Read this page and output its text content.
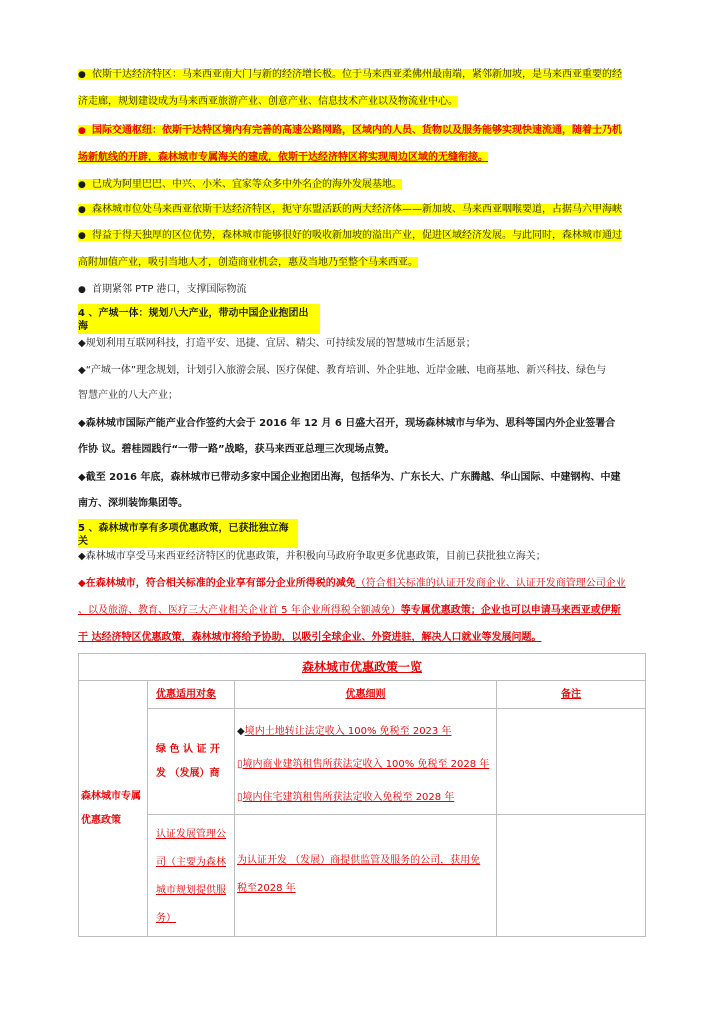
● 依斯干达经济特区：马来西亚南大门与新的经济增长极。位于马来西亚柔佛州最南端，紧邻新加坡，是马来西亚重要的经
济走廊，规划建设成为马来西亚旅游产业、创意产业、信息技术产业以及物流业中心。
● 国际交通枢纽：依斯干达特区境内有完善的高速公路网路，区域内的人员、货物以及服务能够实现快速流通，随着士乃机
场新航线的开辟，森林城市专属海关的建成，依斯干达经济特区将实现周边区域的无缝衔接。
● 已成为阿里巴巴、中兴、小米、宜家等众多中外名企的海外发展基地。
● 森林城市位处马来西亚依斯干达经济特区，扼守东盟活跃的两大经济体——新加坡、马来西亚咽喉要道，占据马六甲海峡
● 得益于得天独厚的区位优势，森林城市能够很好的吸收新加坡的溢出产业，促进区域经济发展。与此同时，森林城市通过
高附加值产业，吸引当地人才，创造商业机会，惠及当地乃至整个马来西亚。
● 首期紧邻 PTP 港口，支撑国际物流
4 、产城一体：规划八大产业，带动中国企业抱团出
海
◆规划利用互联网科技，打造平安、迅捷、宜居、精尖、可持续发展的智慧城市生活愿景；
◆“产城一体”理念规划，计划引入旅游会展、医疗保健、教育培训、外企驻地、近岸金融、电商基地、新兴科技、绿色与
智慧产业的八大产业；
◆森林城市国际产能产业合作签约大会于 2016 年 12 月 6 日盛大召开，现场森林城市与华为、思科等国内外企业签署合
作协 议。碧桂园践行“一带一路”战略，获马来西亚总理三次现场点赞。
◆截至 2016 年底，森林城市已带动多家中国企业抱团出海，包括华为、广东长大、广东腾越、华山国际、中建钢构、中建
南方、深圳装饰集团等。
5 、森林城市享有多项优惠政策，已获批独立海
关
◆森林城市享受马来西亚经济特区的优惠政策，并积极向马政府争取更多优惠政策，目前已获批独立海关；
◆在森林城市，符合相关标准的企业享有部分企业所得税的减免（符合相关标准的认证开发商企业、认证开发商管理公司企业
、以及旅游、教育、医疗三大产业相关企业首 5 年企业所得税全额减免）等专属优惠政策；企业也可以申请马来西亚或伊斯
干 达经济特区优惠政策，森林城市将给予协助，以吸引全球企业、外资进驻，解决人口就业等发展问题。
森林城市优惠政策一览			

森林城市专属优惠政策	优惠适用对象	优惠细则	备注

	绿 色 认 证 开 发 （发展）商	◆境内土地转让法定收入 100% 免税至 2023 年
▯境内商业建筑租售所获法定收入 100% 免税至 2028 年
▯境内住宅建筑租售所获法定收入免税至 2028 年	

	认证发展管理公司（主要为森林城市规划提供服务）	为认证开发 （发展）商提供监管及服务的公司，获用免税至2028 年	
